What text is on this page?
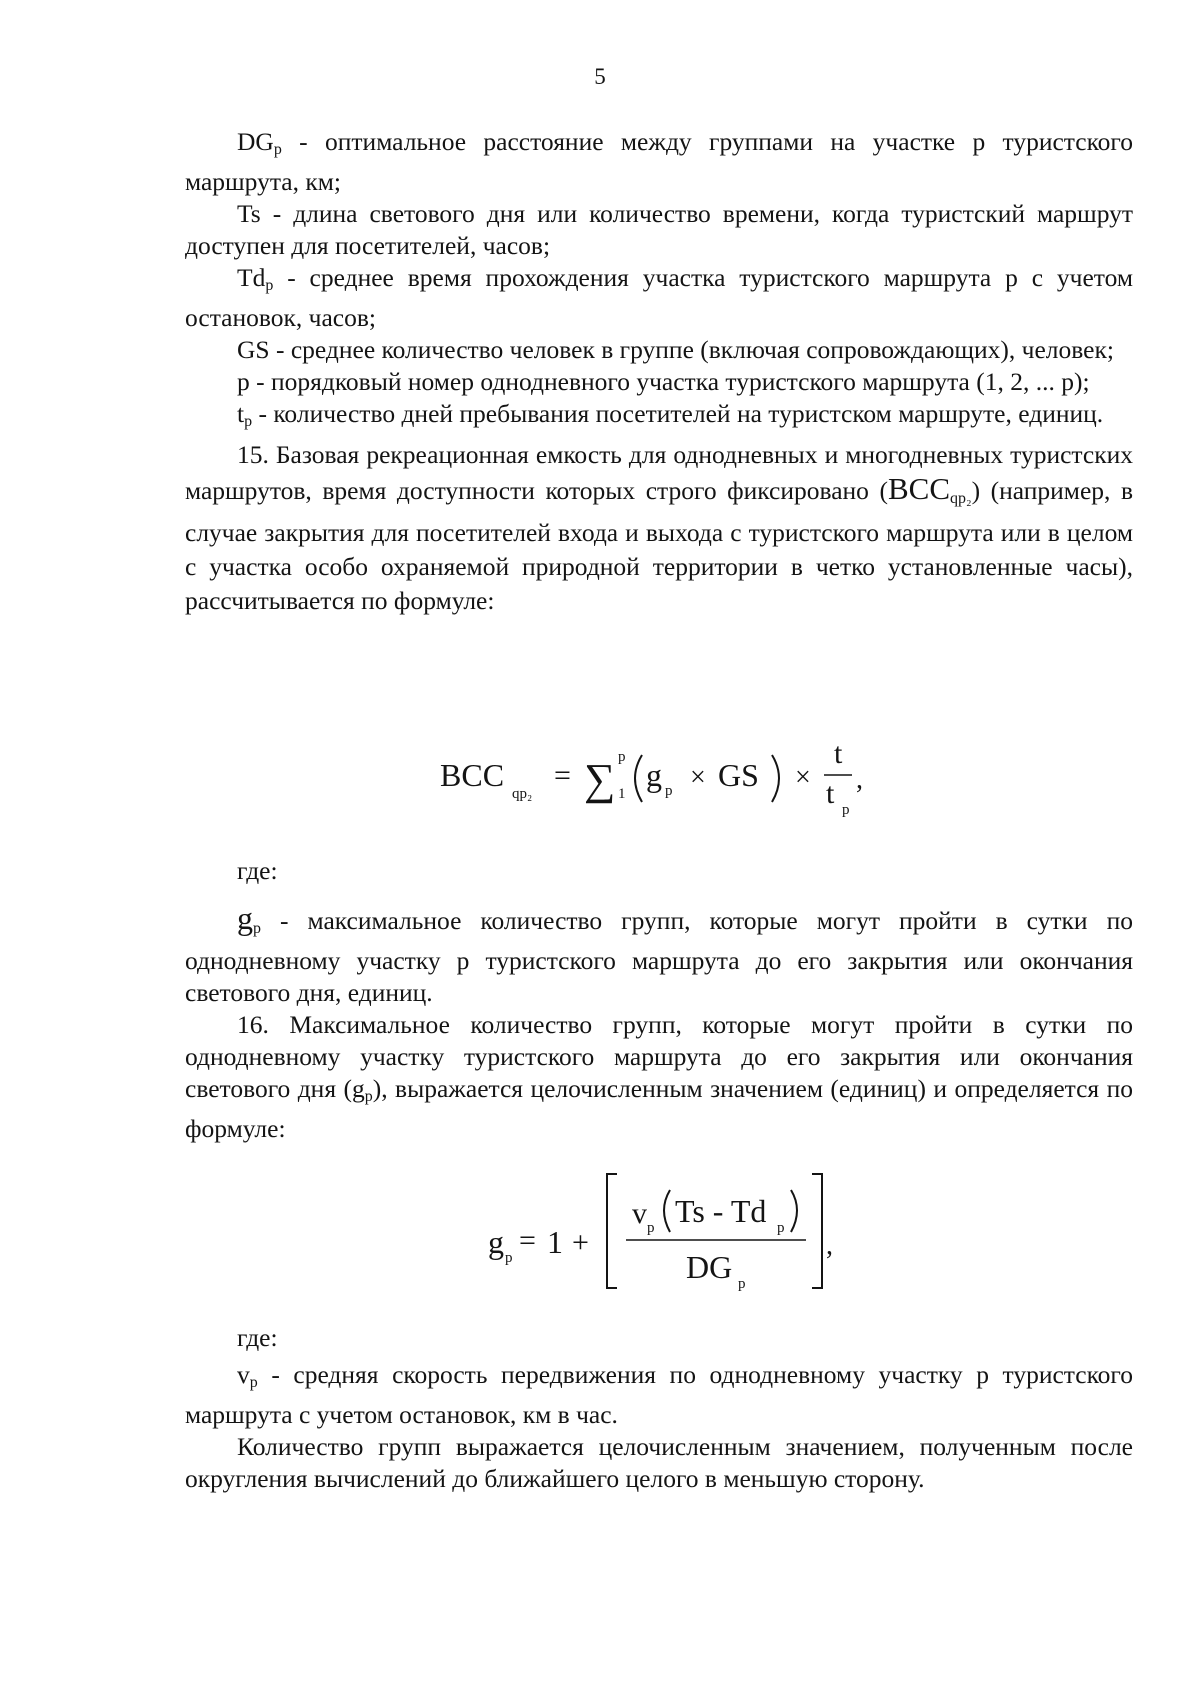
5

$DG_p$ - оптимальное расстояние между группами на участке р туристского маршрута, км;

Ts - длина светового дня или количество времени, когда туристский маршрут доступен для посетителей, часов;

$Td_p$ - среднее время прохождения участка туристского маршрута р с учетом остановок, часов;

GS - среднее количество человек в группе (включая сопровождающих), человек;

р - порядковый номер однодневного участка туристского маршрута (1, 2, ... р);

$t_p$ - количество дней пребывания посетителей на туристском маршруте, единиц.

15. Базовая рекреационная емкость для однодневных и многодневных туристских маршрутов, время доступности которых строго фиксировано $(BCC_{qp_2})$ (например, в случае закрытия для посетителей входа и выхода с туристского маршрута или в целом с участка особо охраняемой природной территории в четко установленные часы), рассчитывается по формуле:

BCC
qp₂
= ∑ p
1
g p × GS ×
t
t p
,
где:

$g_p$ - максимальное количество групп, которые могут пройти в сутки по однодневному участку р туристского маршрута до его закрытия или окончания светового дня, единиц.

16. Максимальное количество групп, которые могут пройти в сутки по однодневному участку туристского маршрута до его закрытия или окончания светового дня $(g_p)$, выражается целочисленным значением (единиц) и определяется по формуле:

g p
= 1 +
v p Ts - Td p
DG p
,
где:

$v_p$ - средняя скорость передвижения по однодневному участку р туристского маршрута с учетом остановок, км в час.

Количество групп выражается целочисленным значением, полученным после округления вычислений до ближайшего целого в меньшую сторону.
